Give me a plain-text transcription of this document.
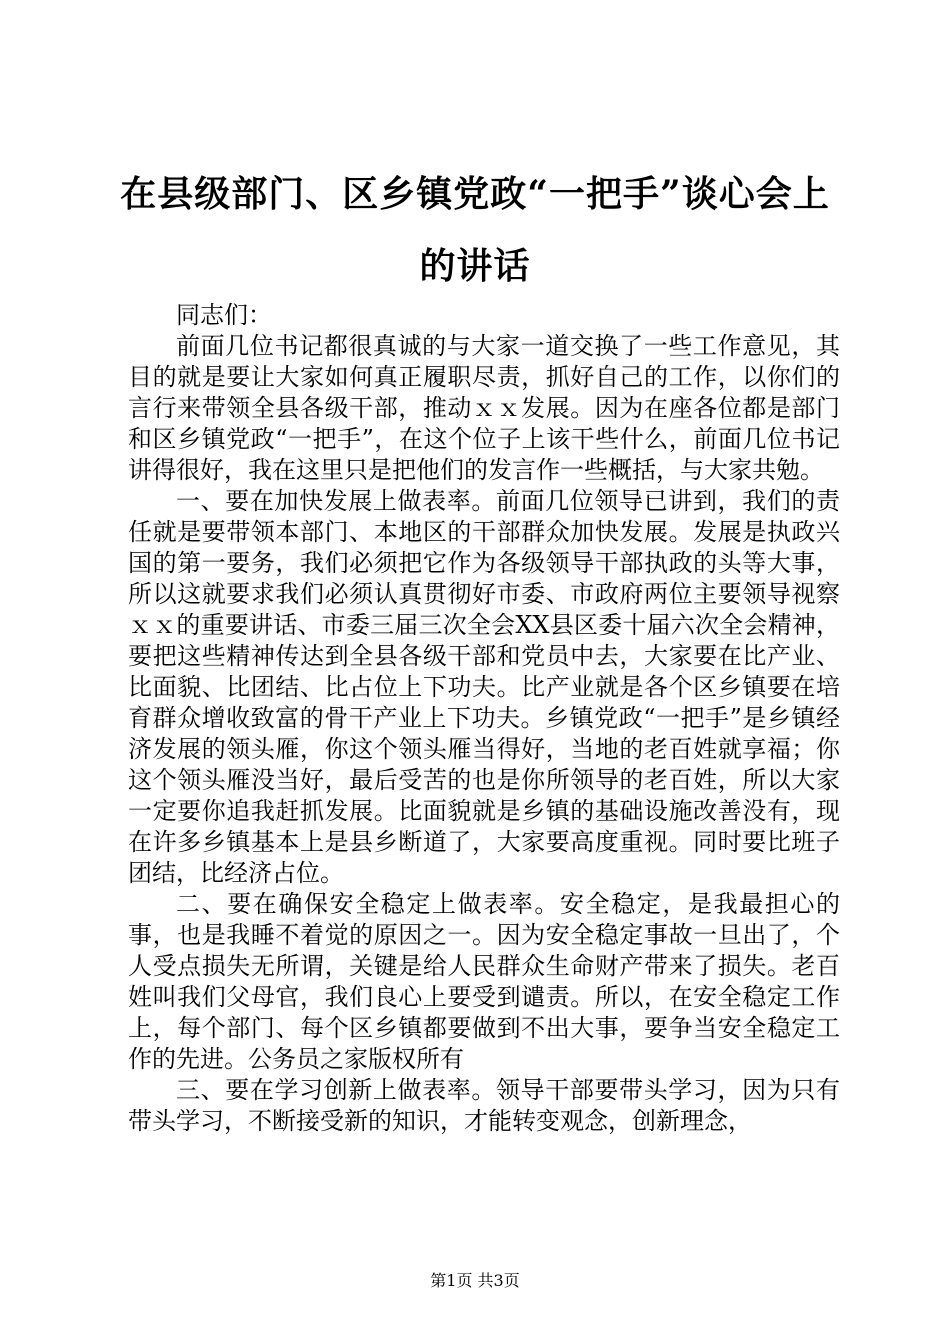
在县级部门、区乡镇党政“一把手”谈心会上的讲话

同志们：

前面几位书记都很真诚的与大家一道交换了一些工作意见，其目的就是要让大家如何真正履职尽责，抓好自己的工作，以你们的言行来带领全县各级干部，推动ｘｘ发展。因为在座各位都是部门和区乡镇党政“一把手”，在这个位子上该干些什么，前面几位书记讲得很好，我在这里只是把他们的发言作一些概括，与大家共勉。

一、要在加快发展上做表率。前面几位领导已讲到，我们的责任就是要带领本部门、本地区的干部群众加快发展。发展是执政兴国的第一要务，我们必须把它作为各级领导干部执政的头等大事，所以这就要求我们必须认真贯彻好市委、市政府两位主要领导视察ｘｘ的重要讲话、市委三届三次全会XX县区委十届六次全会精神，要把这些精神传达到全县各级干部和党员中去，大家要在比产业、比面貌、比团结、比占位上下功夫。比产业就是各个区乡镇要在培育群众增收致富的骨干产业上下功夫。乡镇党政“一把手”是乡镇经济发展的领头雁，你这个领头雁当得好，当地的老百姓就享福；你这个领头雁没当好，最后受苦的也是你所领导的老百姓，所以大家一定要你追我赶抓发展。比面貌就是乡镇的基础设施改善没有，现在许多乡镇基本上是县乡断道了，大家要高度重视。同时要比班子团结，比经济占位。

二、要在确保安全稳定上做表率。安全稳定，是我最担心的事，也是我睡不着觉的原因之一。因为安全稳定事故一旦出了，个人受点损失无所谓，关键是给人民群众生命财产带来了损失。老百姓叫我们父母官，我们良心上要受到谴责。所以，在安全稳定工作上，每个部门、每个区乡镇都要做到不出大事，要争当安全稳定工作的先进。公务员之家版权所有

三、要在学习创新上做表率。领导干部要带头学习，因为只有带头学习，不断接受新的知识，才能转变观念，创新理念，

第1页 共3页
